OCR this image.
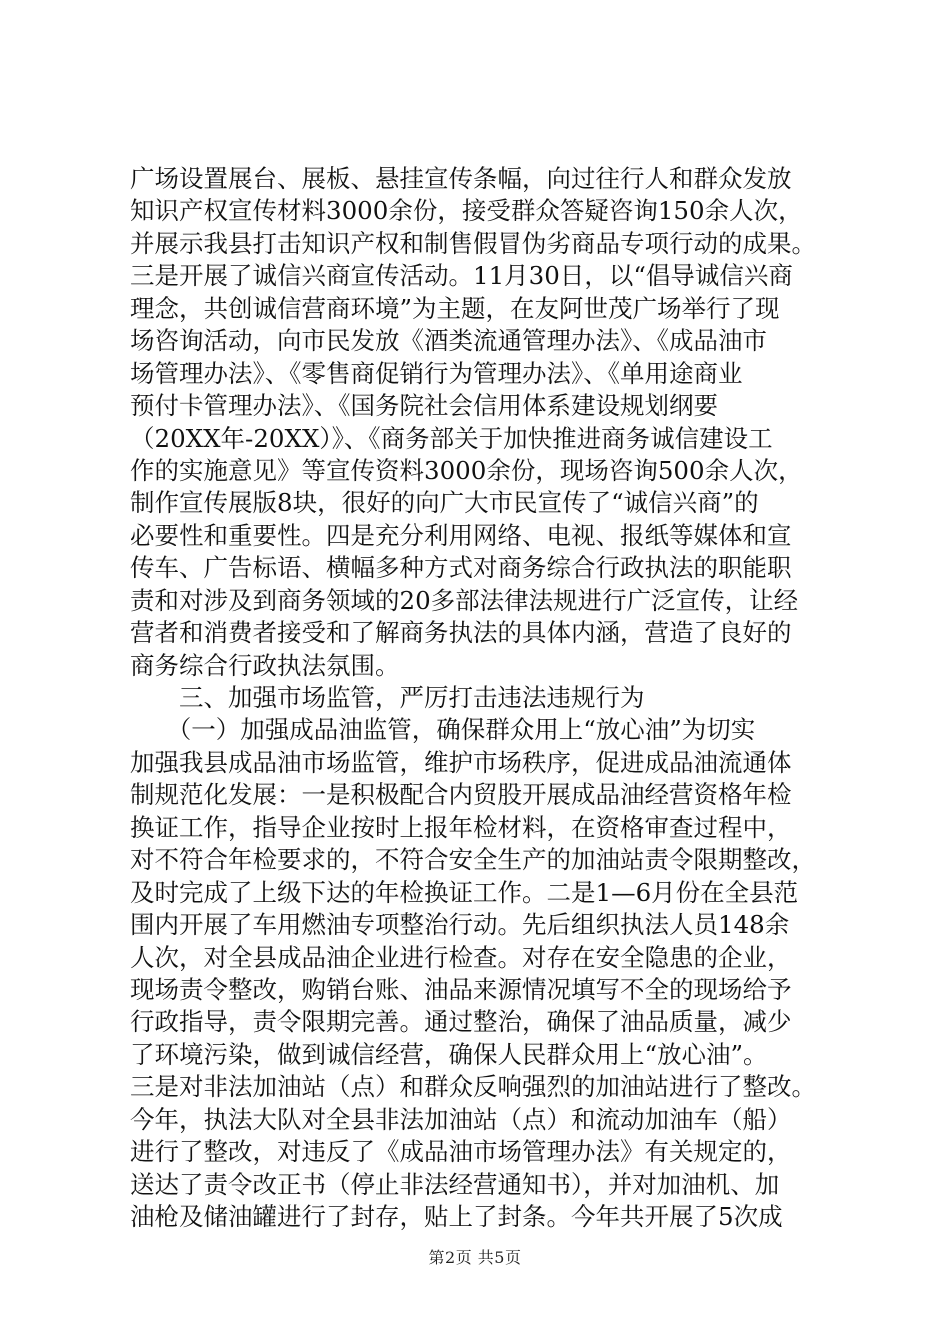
广场设置展台、展板、悬挂宣传条幅，向过往行人和群众发放
知识产权宣传材料3000余份，接受群众答疑咨询150余人次，
并展示我县打击知识产权和制售假冒伪劣商品专项行动的成果。
三是开展了诚信兴商宣传活动。11月30日，以“倡导诚信兴商
理念，共创诚信营商环境”为主题，在友阿世茂广场举行了现
场咨询活动，向市民发放《酒类流通管理办法》、《成品油市
场管理办法》、《零售商促销行为管理办法》、《单用途商业
预付卡管理办法》、《国务院社会信用体系建设规划纲要
（20XX年-20XX）》、《商务部关于加快推进商务诚信建设工
作的实施意见》等宣传资料3000余份，现场咨询500余人次，
制作宣传展版8块，很好的向广大市民宣传了“诚信兴商”的
必要性和重要性。四是充分利用网络、电视、报纸等媒体和宣
传车、广告标语、横幅多种方式对商务综合行政执法的职能职
责和对涉及到商务领域的20多部法律法规进行广泛宣传，让经
营者和消费者接受和了解商务执法的具体内涵，营造了良好的
商务综合行政执法氛围。
　　三、加强市场监管，严厉打击违法违规行为
　　（一）加强成品油监管，确保群众用上“放心油”为切实
加强我县成品油市场监管，维护市场秩序，促进成品油流通体
制规范化发展：一是积极配合内贸股开展成品油经营资格年检
换证工作，指导企业按时上报年检材料，在资格审查过程中，
对不符合年检要求的，不符合安全生产的加油站责令限期整改，
及时完成了上级下达的年检换证工作。二是1—6月份在全县范
围内开展了车用燃油专项整治行动。先后组织执法人员148余
人次，对全县成品油企业进行检查。对存在安全隐患的企业，
现场责令整改，购销台账、油品来源情况填写不全的现场给予
行政指导，责令限期完善。通过整治，确保了油品质量，减少
了环境污染，做到诚信经营，确保人民群众用上“放心油”。
三是对非法加油站（点）和群众反响强烈的加油站进行了整改。
今年，执法大队对全县非法加油站（点）和流动加油车（船）
进行了整改，对违反了《成品油市场管理办法》有关规定的，
送达了责令改正书（停止非法经营通知书），并对加油机、加
油枪及储油罐进行了封存，贴上了封条。今年共开展了5次成
第2页 共5页
